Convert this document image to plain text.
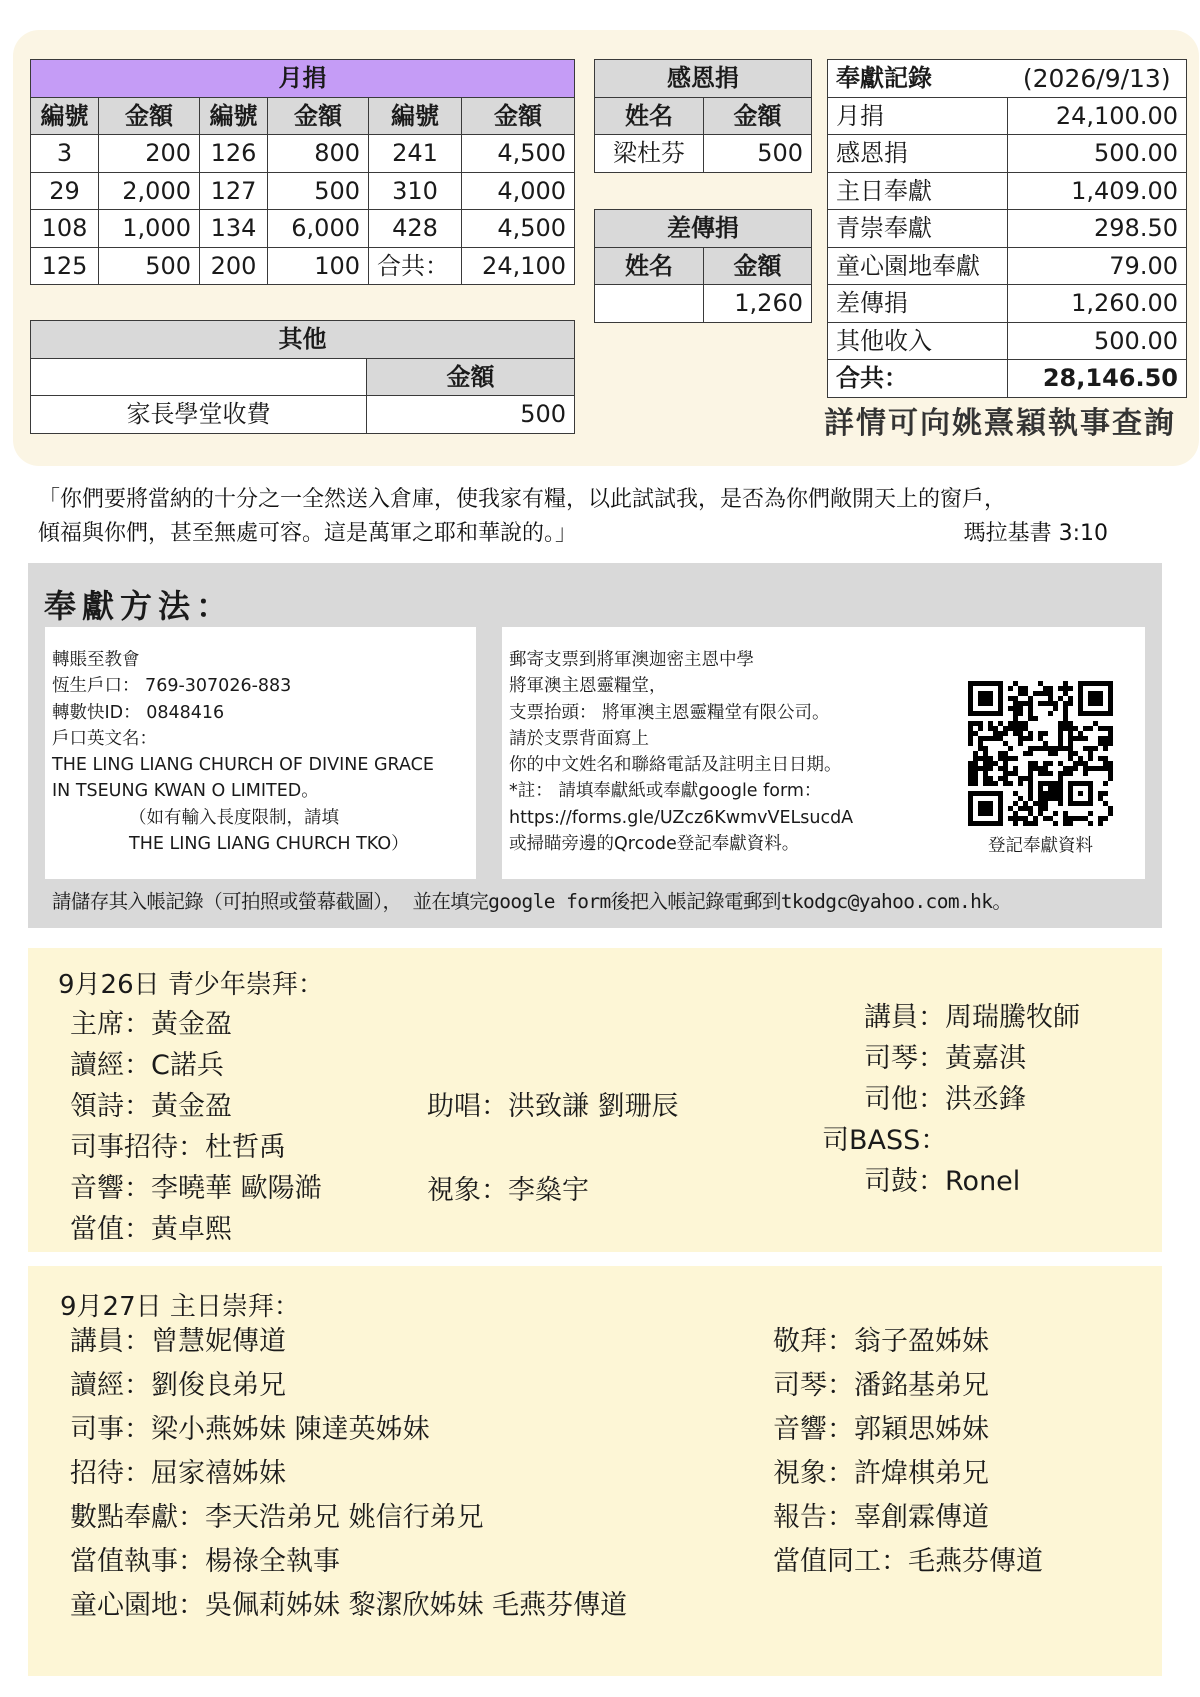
月捐					
編號	金額	編號	金額	編號	金額
3	200	126	800	241	4,500
29	2,000	127	500	310	4,000
108	1,000	134	6,000	428	4,500
125	500	200	100	合共：	24,100
其他	
	金額
家長學堂收費	500
感恩捐	
姓名	金額
梁杜芬	500
差傳捐	
姓名	金額
	1,260
奉獻記錄	(2026/9/13)
月捐	24,100.00
感恩捐	500.00
主日奉獻	1,409.00
青崇奉獻	298.50
童心園地奉獻	79.00
差傳捐	1,260.00
其他收入	500.00
合共：	28,146.50
詳情可向姚熹穎執事查詢
「你們要將當納的十分之一全然送入倉庫，使我家有糧，以此試試我，是否為你們敞開天上的窗戶，
傾福與你們，甚至無處可容。這是萬軍之耶和華說的。」	瑪拉基書 3:10
奉獻方法：
轉賬至教會
恆生戶口： 769-307026-883
轉數快ID： 0848416
戶口英文名：
THE LING LIANG CHURCH OF DIVINE GRACE
IN TSEUNG KWAN O LIMITED。
（如有輸入長度限制，請填
THE LING LIANG CHURCH TKO）
郵寄支票到將軍澳迦密主恩中學
將軍澳主恩靈糧堂，
支票抬頭： 將軍澳主恩靈糧堂有限公司。
請於支票背面寫上
你的中文姓名和聯絡電話及註明主日日期。
*註： 請填奉獻紙或奉獻google form：
https://forms.gle/UZcz6KwmvVELsucdA
或掃瞄旁邊的Qrcode登記奉獻資料。	登記奉獻資料
請儲存其入帳記錄（可拍照或螢幕截圖）， 並在填完google form後把入帳記錄電郵到tkodgc@yahoo.com.hk。
9月26日 青少年崇拜：
主席：黃金盈
讀經：C諾兵
領詩：黃金盈
司事招待：杜哲禹
音響：李曉華 歐陽澔
當值：黃卓熙
助唱：洪致謙 劉珊辰
視象：李燊宇
講員：周瑞騰牧師
司琴：黃嘉淇
司他：洪丞鋒
司BASS：
司鼓：Ronel
9月27日 主日崇拜：
講員：曾慧妮傳道
讀經：劉俊良弟兄
司事：梁小燕姊妹 陳達英姊妹
招待：屈家禧姊妹
數點奉獻：李天浩弟兄 姚信行弟兄
當值執事：楊祿全執事
童心園地：吳佩莉姊妹 黎潔欣姊妹 毛燕芬傳道
敬拜：翁子盈姊妹
司琴：潘銘基弟兄
音響：郭穎思姊妹
視象：許煒棋弟兄
報告：辜創霖傳道
當值同工：毛燕芬傳道
